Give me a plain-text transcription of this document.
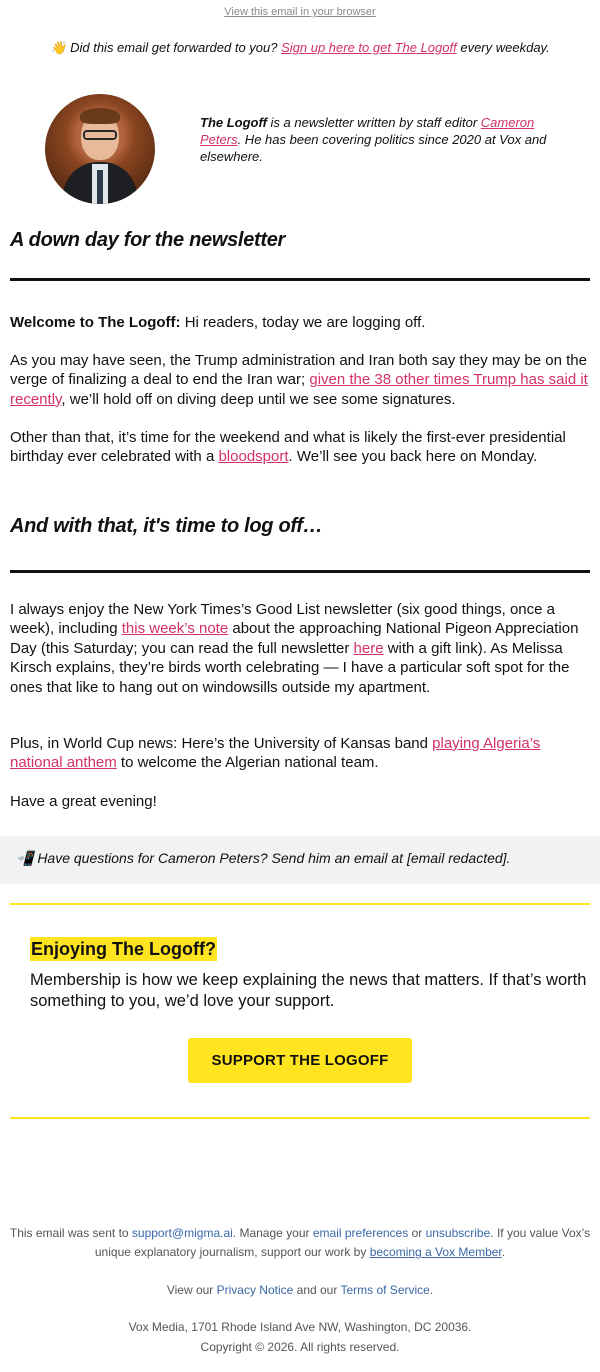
View this email in your browser
👋 Did this email get forwarded to you? Sign up here to get The Logoff every weekday.
The Logoff is a newsletter written by staff editor Cameron Peters. He has been covering politics since 2020 at Vox and elsewhere.
A down day for the newsletter
Welcome to The Logoff: Hi readers, today we are logging off.
As you may have seen, the Trump administration and Iran both say they may be on the verge of finalizing a deal to end the Iran war; given the 38 other times Trump has said it recently, we’ll hold off on diving deep until we see some signatures.
Other than that, it’s time for the weekend and what is likely the first-ever presidential birthday ever celebrated with a bloodsport. We’ll see you back here on Monday.
And with that, it's time to log off…
I always enjoy the New York Times’s Good List newsletter (six good things, once a week), including this week’s note about the approaching National Pigeon Appreciation Day (this Saturday; you can read the full newsletter here with a gift link). As Melissa Kirsch explains, they’re birds worth celebrating — I have a particular soft spot for the ones that like to hang out on windowsills outside my apartment.
Plus, in World Cup news: Here’s the University of Kansas band playing Algeria’s national anthem to welcome the Algerian national team.
Have a great evening!
📲 Have questions for Cameron Peters? Send him an email at [email redacted].
Enjoying The Logoff?
Membership is how we keep explaining the news that matters. If that’s worth something to you, we’d love your support.
SUPPORT THE LOGOFF
This email was sent to support@migma.ai. Manage your email preferences or unsubscribe. If you value Vox’s unique explanatory journalism, support our work by becoming a Vox Member.
View our Privacy Notice and our Terms of Service.
Vox Media, 1701 Rhode Island Ave NW, Washington, DC 20036.
Copyright © 2026. All rights reserved.
